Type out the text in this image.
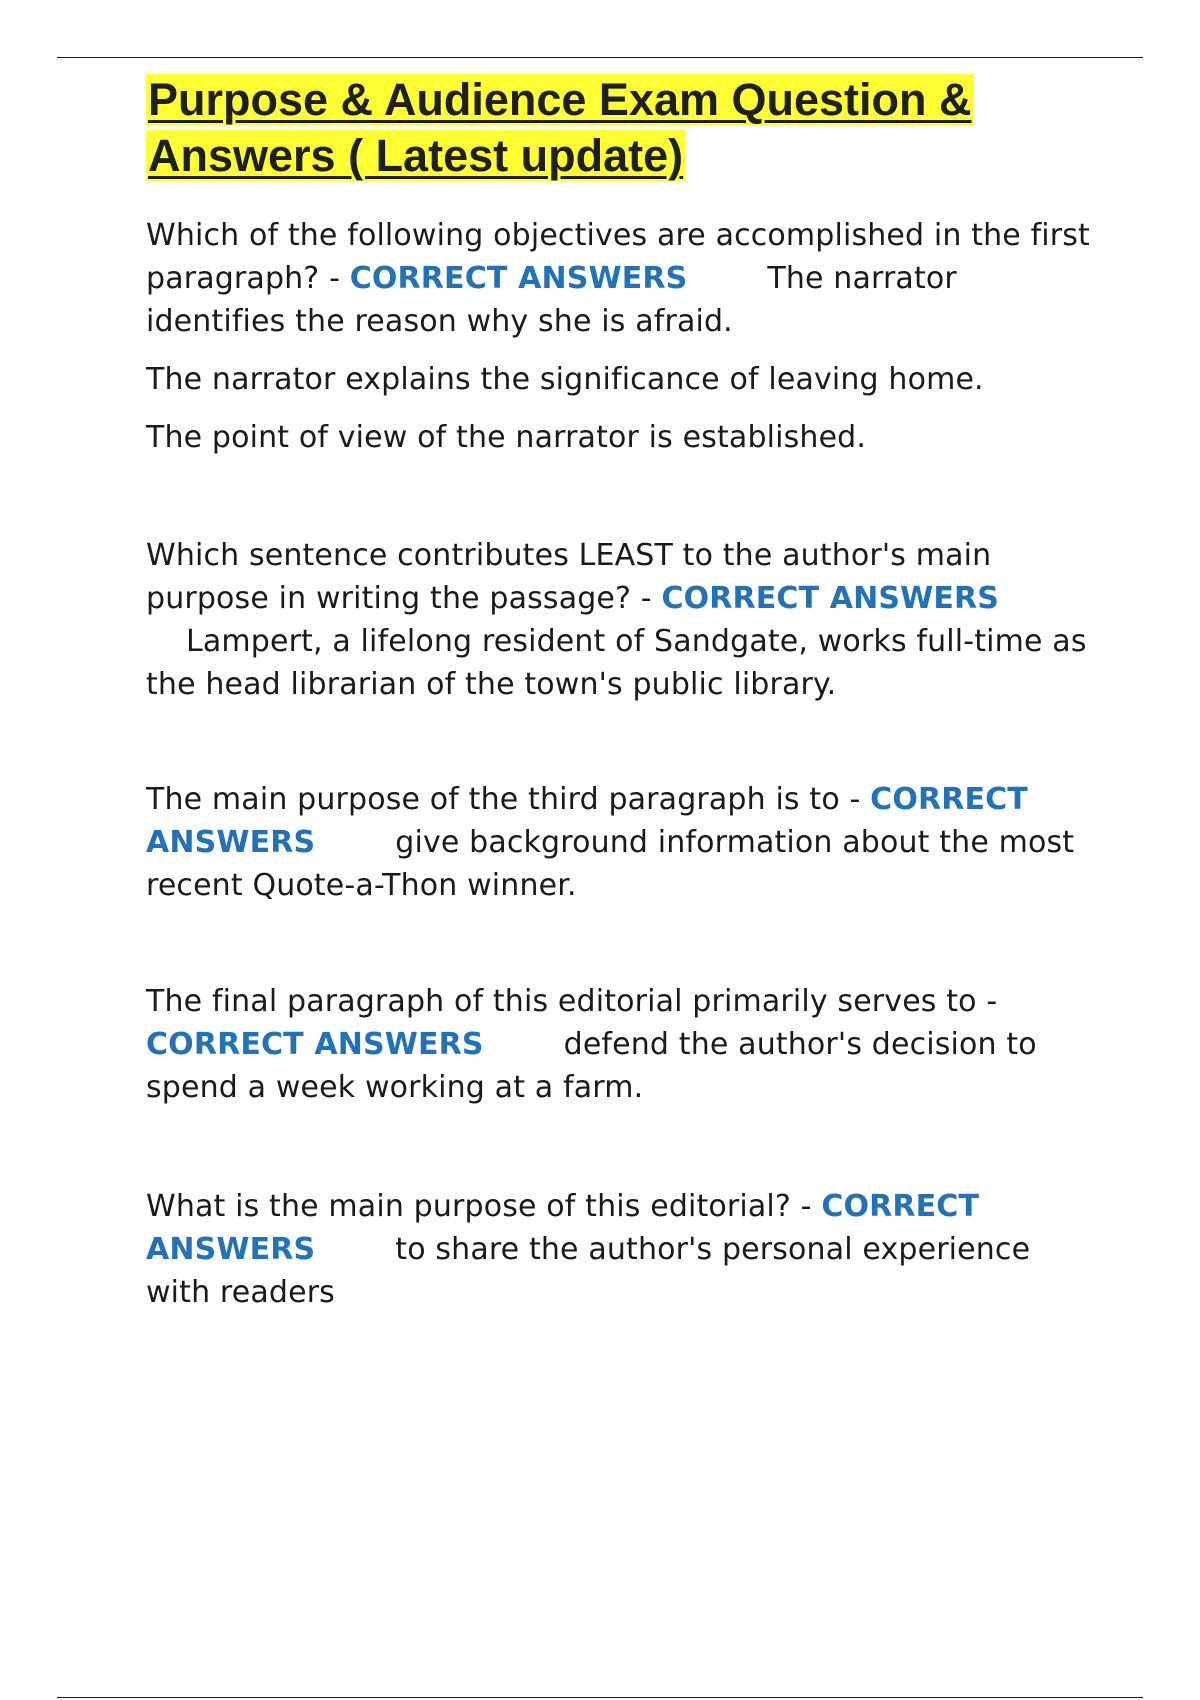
Purpose & Audience Exam Question & Answers ( Latest update)

Which of the following objectives are accomplished in the first paragraph? - CORRECT ANSWERS	The narrator identifies the reason why she is afraid.

The narrator explains the significance of leaving home.

The point of view of the narrator is established.

Which sentence contributes LEAST to the author's main purpose in writing the passage? - CORRECT ANSWERS
Lampert, a lifelong resident of Sandgate, works full-time as the head librarian of the town's public library.

The main purpose of the third paragraph is to - CORRECT ANSWERS	give background information about the most recent Quote-a-Thon winner.

The final paragraph of this editorial primarily serves to - CORRECT ANSWERS	defend the author's decision to spend a week working at a farm.

What is the main purpose of this editorial? - CORRECT ANSWERS	to share the author's personal experience with readers
